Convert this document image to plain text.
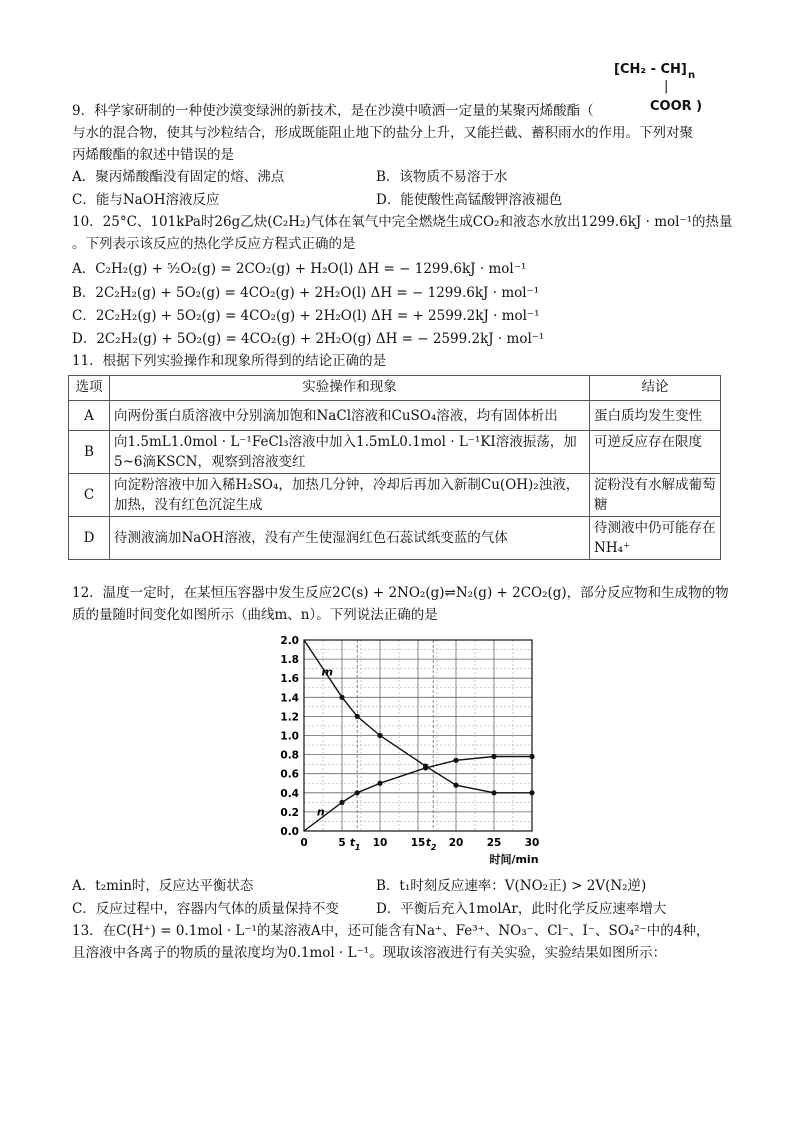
[CH₂ - CH] n
|
COOR )
9．科学家研制的一种使沙漠变绿洲的新技术，是在沙漠中喷洒一定量的某聚丙烯酸酯（
与水的混合物，使其与沙粒结合，形成既能阻止地下的盐分上升，又能拦截、蓄积雨水的作用。下列对聚
丙烯酸酯的叙述中错误的是
A．聚丙烯酸酯没有固定的熔、沸点	B．该物质不易溶于水
C．能与NaOH溶液反应	D．能使酸性高锰酸钾溶液褪色
10．25°C、101kPa时26g乙炔(C₂H₂)气体在氧气中完全燃烧生成CO₂和液态水放出1299.6kJ · mol⁻¹的热量
。下列表示该反应的热化学反应方程式正确的是
A．C₂H₂(g) + ⁵⁄₂O₂(g) = 2CO₂(g) + H₂O(l) ΔH = − 1299.6kJ · mol⁻¹
B．2C₂H₂(g) + 5O₂(g) = 4CO₂(g) + 2H₂O(l) ΔH = − 1299.6kJ · mol⁻¹
C．2C₂H₂(g) + 5O₂(g) = 4CO₂(g) + 2H₂O(l) ΔH = + 2599.2kJ · mol⁻¹
D．2C₂H₂(g) + 5O₂(g) = 4CO₂(g) + 2H₂O(g) ΔH = − 2599.2kJ · mol⁻¹
11．根据下列实验操作和现象所得到的结论正确的是
选项	实验操作和现象	结论
A	向两份蛋白质溶液中分别滴加饱和NaCl溶液和CuSO₄溶液，均有固体析出	蛋白质均发生变性
B	向1.5mL1.0mol · L⁻¹FeCl₃溶液中加入1.5mL0.1mol · L⁻¹KI溶液振荡，加5~6滴KSCN，观察到溶液变红	可逆反应存在限度
C	向淀粉溶液中加入稀H₂SO₄，加热几分钟，冷却后再加入新制Cu(OH)₂浊液，加热，没有红色沉淀生成	淀粉没有水解成葡萄糖
D	待测液滴加NaOH溶液，没有产生使湿润红色石蕊试纸变蓝的气体	待测液中仍可能存在NH₄⁺
12．温度一定时，在某恒压容器中发生反应2C(s) + 2NO₂(g)⇌N₂(g) + 2CO₂(g)，部分反应物和生成物的物
质的量随时间变化如图所示（曲线m、n）。下列说法正确的是
0.0
0.2
0.4
0.6
0.8
1.0
1.2
1.4
1.6
1.8
2.0
0	5	10 15 20 25 30
$t_1$	$t_2$
m
n
时间/min
A．t₂min时，反应达平衡状态	B．t₁时刻反应速率：V(NO₂正) > 2V(N₂逆)
C．反应过程中，容器内气体的质量保持不变	D．平衡后充入1molAr，此时化学反应速率增大
13．在C(H⁺) = 0.1mol · L⁻¹的某溶液A中，还可能含有Na⁺、Fe³⁺、NO₃⁻、Cl⁻、I⁻、SO₄²⁻中的4种，
且溶液中各离子的物质的量浓度均为0.1mol · L⁻¹。现取该溶液进行有关实验，实验结果如图所示：
